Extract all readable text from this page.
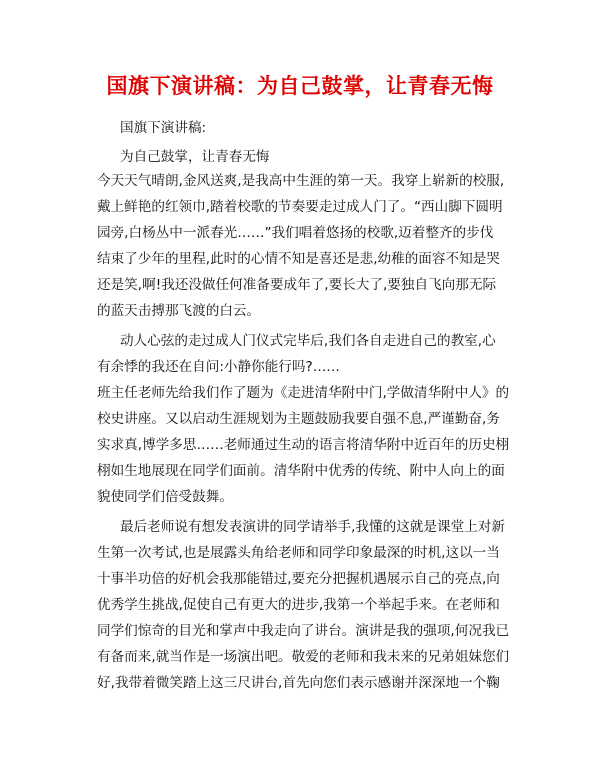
国旗下演讲稿：为自己鼓掌，让青春无悔
国旗下演讲稿:
为自己鼓掌，让青春无悔
今天天气晴朗,金风送爽,是我高中生涯的第一天。我穿上崭新的校服,
戴上鲜艳的红领巾,踏着校歌的节奏要走过成人门了。“西山脚下圆明
园旁,白杨丛中一派春光……”我们唱着悠扬的校歌,迈着整齐的步伐
结束了少年的里程,此时的心情不知是喜还是悲,幼稚的面容不知是哭
还是笑,啊!我还没做任何准备要成年了,要长大了,要独自飞向那无际
的蓝天击搏那飞渡的白云。
动人心弦的走过成人门仪式完毕后,我们各自走进自己的教室,心
有余悸的我还在自问:小静你能行吗?……
班主任老师先给我们作了题为《走进清华附中门,学做清华附中人》的
校史讲座。又以启动生涯规划为主题鼓励我要自强不息,严谨勤奋,务
实求真,博学多思……老师通过生动的语言将清华附中近百年的历史栩
栩如生地展现在同学们面前。清华附中优秀的传统、附中人向上的面
貌使同学们倍受鼓舞。
最后老师说有想发表演讲的同学请举手,我懂的这就是课堂上对新
生第一次考试,也是展露头角给老师和同学印象最深的时机,这以一当
十事半功倍的好机会我那能错过,要充分把握机遇展示自己的亮点,向
优秀学生挑战,促使自己有更大的进步,我第一个举起手来。在老师和
同学们惊奇的目光和掌声中我走向了讲台。演讲是我的强项,何况我已
有备而来,就当作是一场演出吧。敬爱的老师和我未来的兄弟姐妹您们
好,我带着微笑踏上这三尺讲台,首先向您们表示感谢并深深地一个鞠
